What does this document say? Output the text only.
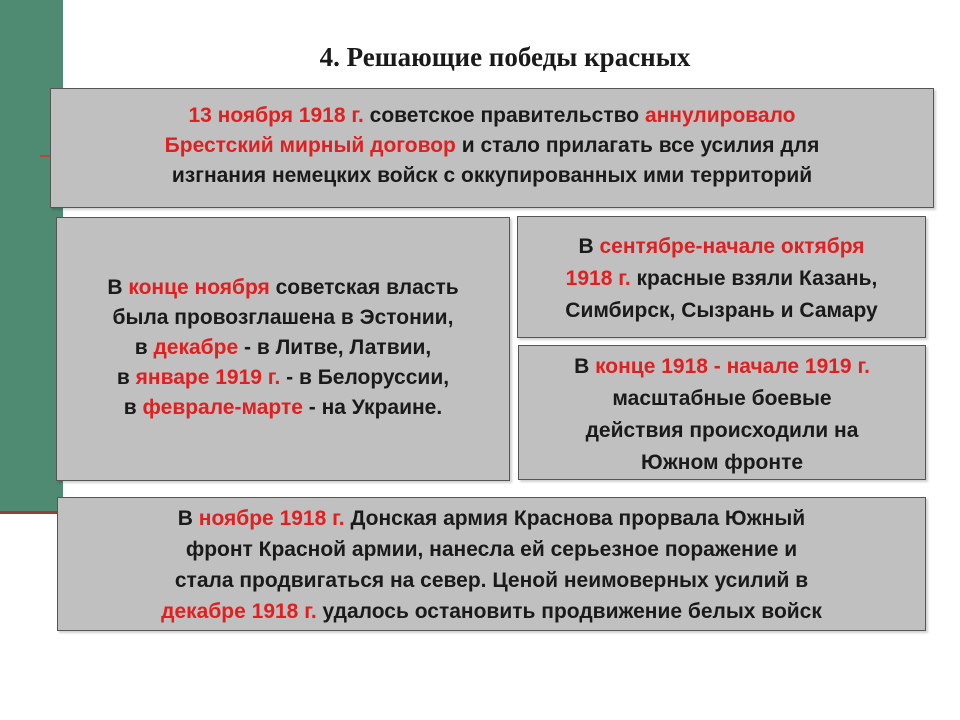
4. Решающие победы красных
13 ноября 1918 г. советское правительство аннулировало
Брестский мирный договор и стало прилагать все усилия для
изгнания немецких войск с оккупированных ими территорий
В конце ноября советская власть
была провозглашена в Эстонии,
в декабре - в Литве, Латвии,
в январе 1919 г. - в Белоруссии,
в феврале-марте - на Украине.
В сентябре-начале октября
1918 г. красные взяли Казань,
Симбирск, Сызрань и Самару
В конце 1918 - начале 1919 г.
масштабные боевые
действия происходили на
Южном фронте
В ноябре 1918 г. Донская армия Краснова прорвала Южный
фронт Красной армии, нанесла ей серьезное поражение и
стала продвигаться на север. Ценой неимоверных усилий в
декабре 1918 г. удалось остановить продвижение белых войск
